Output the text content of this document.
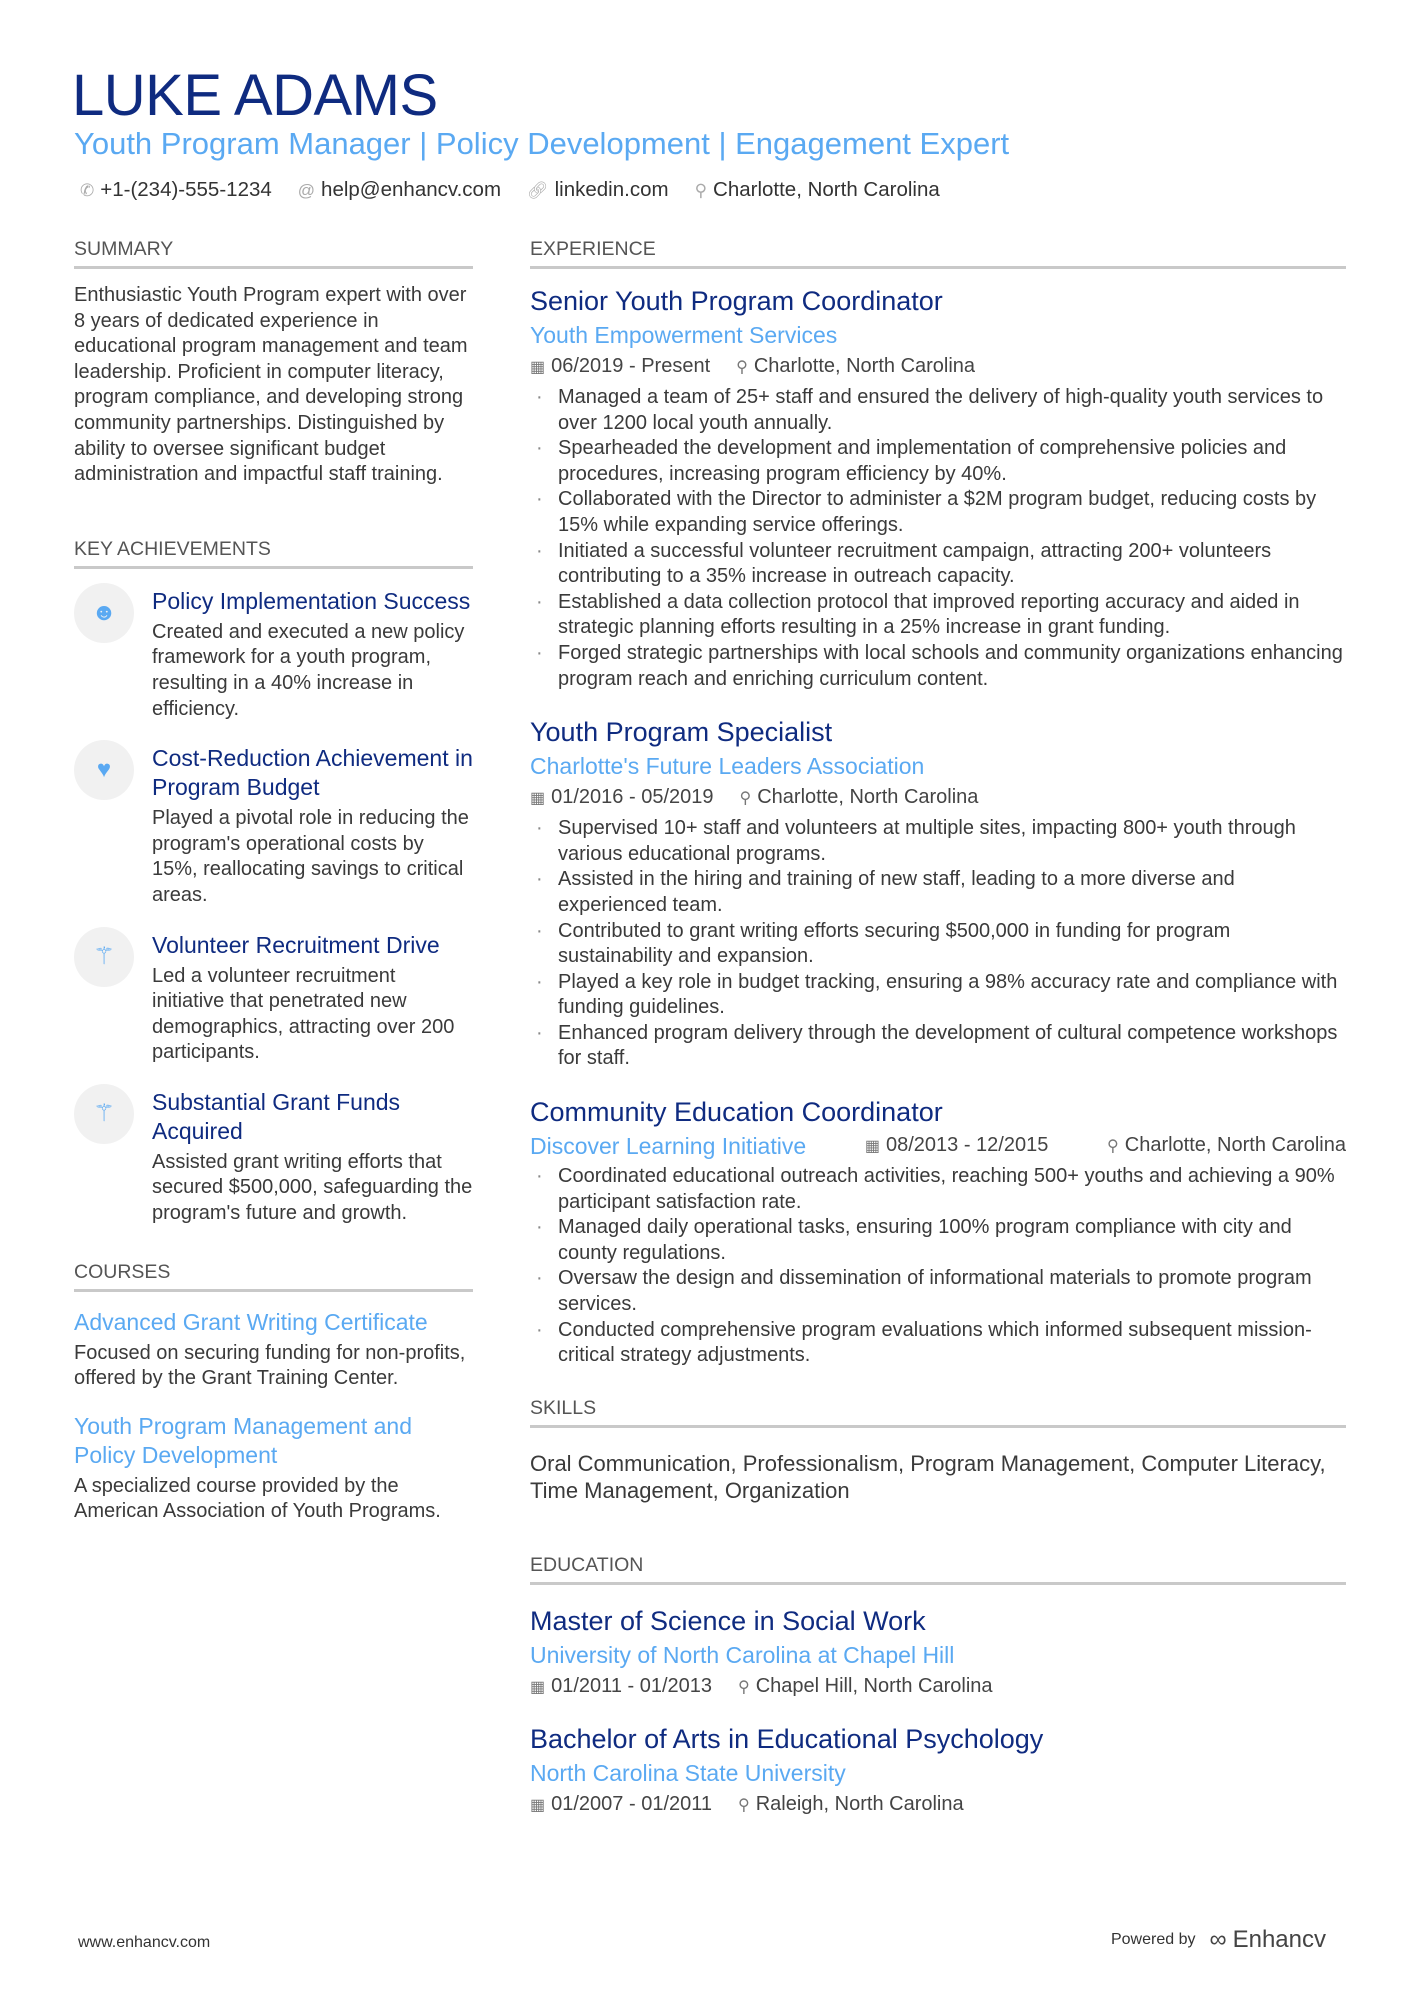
LUKE ADAMS
Youth Program Manager | Policy Development | Engagement Expert
✆ +1-(234)-555-1234 @ help@enhancv.com 🔗︎ linkedin.com ⚲ Charlotte, North Carolina
SUMMARY

Enthusiastic Youth Program expert with over 8 years of dedicated experience in educational program management and team leadership. Proficient in computer literacy, program compliance, and developing strong community partnerships. Distinguished by ability to oversee significant budget administration and impactful staff training.

KEY ACHIEVEMENTS
☻	Policy Implementation Success

Created and executed a new policy framework for a youth program, resulting in a 40% increase in efficiency.

♥	Cost-Reduction Achievement in Program Budget

Played a pivotal role in reducing the program's operational costs by 15%, reallocating savings to critical areas.

⚚	Volunteer Recruitment Drive

Led a volunteer recruitment initiative that penetrated new demographics, attracting over 200 participants.

⚚	Substantial Grant Funds Acquired

Assisted grant writing efforts that secured $500,000, safeguarding the program's future and growth.

COURSES
Advanced Grant Writing Certificate

Focused on securing funding for non-profits, offered by the Grant Training Center.

Youth Program Management and Policy Development

A specialized course provided by the American Association of Youth Programs.

EXPERIENCE
Senior Youth Program Coordinator
Youth Empowerment Services
▦ 06/2019 - Present ⚲ Charlotte, North Carolina
· Managed a team of 25+ staff and ensured the delivery of high-quality youth services to over 1200 local youth annually.
· Spearheaded the development and implementation of comprehensive policies and procedures, increasing program efficiency by 40%.
· Collaborated with the Director to administer a $2M program budget, reducing costs by 15% while expanding service offerings.
· Initiated a successful volunteer recruitment campaign, attracting 200+ volunteers contributing to a 35% increase in outreach capacity.
· Established a data collection protocol that improved reporting accuracy and aided in strategic planning efforts resulting in a 25% increase in grant funding.
· Forged strategic partnerships with local schools and community organizations enhancing program reach and enriching curriculum content.
Youth Program Specialist
Charlotte's Future Leaders Association
▦ 01/2016 - 05/2019 ⚲ Charlotte, North Carolina
· Supervised 10+ staff and volunteers at multiple sites, impacting 800+ youth through various educational programs.
· Assisted in the hiring and training of new staff, leading to a more diverse and experienced team.
· Contributed to grant writing efforts securing $500,000 in funding for program sustainability and expansion.
· Played a key role in budget tracking, ensuring a 98% accuracy rate and compliance with funding guidelines.
· Enhanced program delivery through the development of cultural competence workshops for staff.
Community Education Coordinator
Discover Learning Initiative	▦ 08/2013 - 12/2015	⚲ Charlotte, North Carolina
· Coordinated educational outreach activities, reaching 500+ youths and achieving a 90% participant satisfaction rate.
· Managed daily operational tasks, ensuring 100% program compliance with city and county regulations.
· Oversaw the design and dissemination of informational materials to promote program services.
· Conducted comprehensive program evaluations which informed subsequent mission-critical strategy adjustments.
SKILLS

Oral Communication, Professionalism, Program Management, Computer Literacy, Time Management, Organization

EDUCATION
Master of Science in Social Work
University of North Carolina at Chapel Hill
▦ 01/2011 - 01/2013 ⚲ Chapel Hill, North Carolina
Bachelor of Arts in Educational Psychology
North Carolina State University
▦ 01/2007 - 01/2011 ⚲ Raleigh, North Carolina
www.enhancv.com	Powered by ∞ Enhancv
